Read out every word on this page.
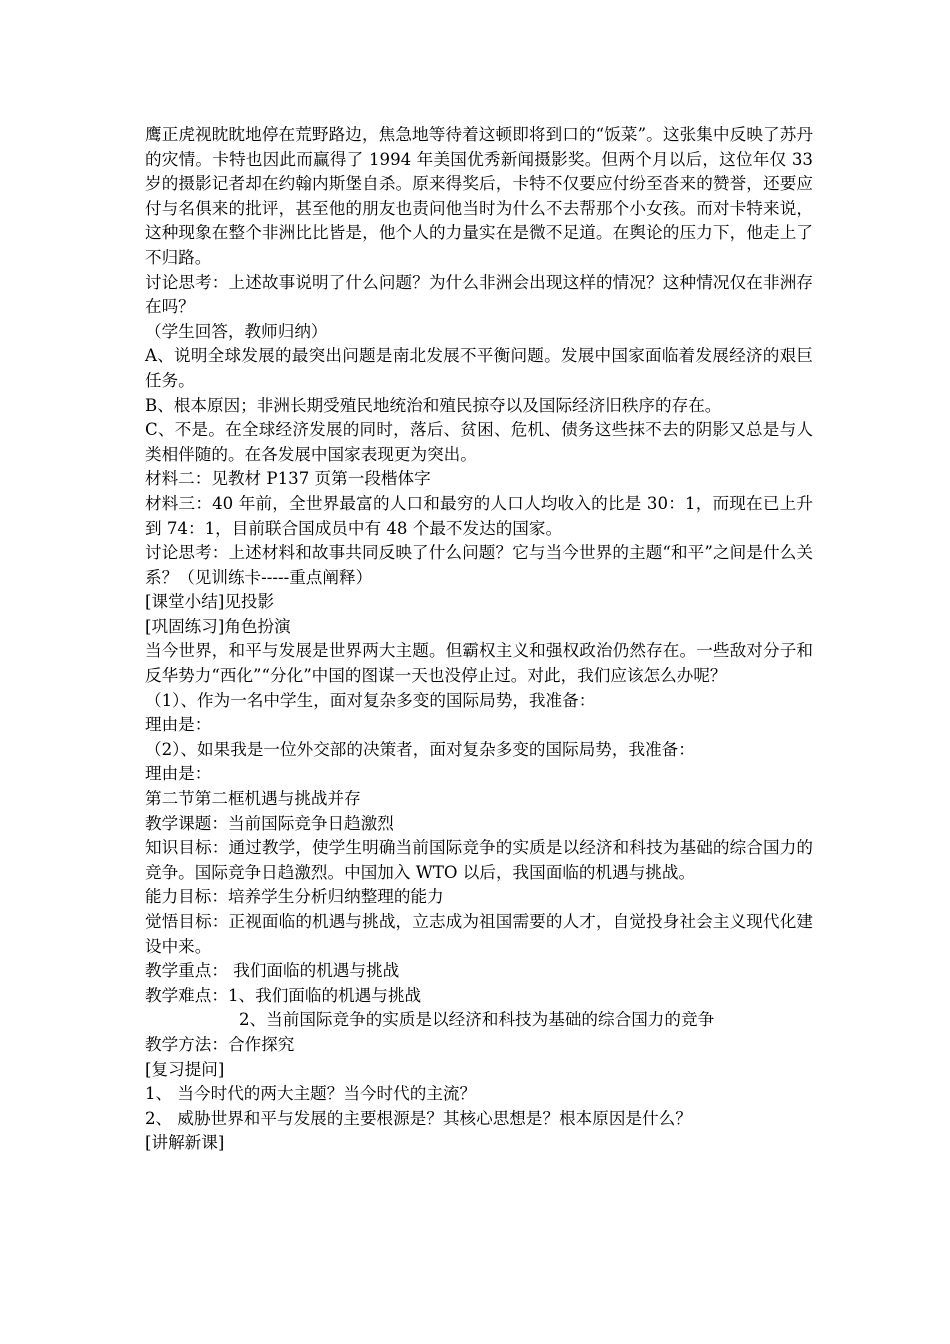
鹰正虎视眈眈地停在荒野路边，焦急地等待着这顿即将到口的“饭菜”。这张集中反映了苏丹的灾情。卡特也因此而赢得了 1994 年美国优秀新闻摄影奖。但两个月以后，这位年仅 33 岁的摄影记者却在约翰内斯堡自杀。原来得奖后，卡特不仅要应付纷至沓来的赞誉，还要应付与名俱来的批评，甚至他的朋友也责问他当时为什么不去帮那个小女孩。而对卡特来说，这种现象在整个非洲比比皆是，他个人的力量实在是微不足道。在舆论的压力下，他走上了不归路。

讨论思考：上述故事说明了什么问题？为什么非洲会出现这样的情况？这种情况仅在非洲存在吗？

（学生回答，教师归纳）

A、说明全球发展的最突出问题是南北发展不平衡问题。发展中国家面临着发展经济的艰巨任务。

B、根本原因；非洲长期受殖民地统治和殖民掠夺以及国际经济旧秩序的存在。

C、不是。在全球经济发展的同时，落后、贫困、危机、债务这些抹不去的阴影又总是与人类相伴随的。在各发展中国家表现更为突出。

材料二：见教材 P137 页第一段楷体字

材料三：40 年前，全世界最富的人口和最穷的人口人均收入的比是 30：1，而现在已上升到 74：1，目前联合国成员中有 48 个最不发达的国家。

讨论思考：上述材料和故事共同反映了什么问题？它与当今世界的主题“和平”之间是什么关系？（见训练卡-----重点阐释）

[课堂小结]见投影

[巩固练习]角色扮演

当今世界，和平与发展是世界两大主题。但霸权主义和强权政治仍然存在。一些敌对分子和反华势力“西化”“分化”中国的图谋一天也没停止过。对此，我们应该怎么办呢？

（1）、作为一名中学生，面对复杂多变的国际局势，我准备：

理由是：

（2）、如果我是一位外交部的决策者，面对复杂多变的国际局势，我准备：

理由是：

第二节第二框机遇与挑战并存

教学课题：当前国际竞争日趋激烈

知识目标：通过教学，使学生明确当前国际竞争的实质是以经济和科技为基础的综合国力的竞争。国际竞争日趋激烈。中国加入 WTO 以后，我国面临的机遇与挑战。

能力目标：培养学生分析归纳整理的能力

觉悟目标：正视面临的机遇与挑战，立志成为祖国需要的人才，自觉投身社会主义现代化建设中来。

教学重点： 我们面临的机遇与挑战

教学难点：1、我们面临的机遇与挑战

2、当前国际竞争的实质是以经济和科技为基础的综合国力的竞争

教学方法：合作探究

[复习提问]

1、 当今时代的两大主题？当今时代的主流？

2、 威胁世界和平与发展的主要根源是？其核心思想是？根本原因是什么？

[讲解新课]
